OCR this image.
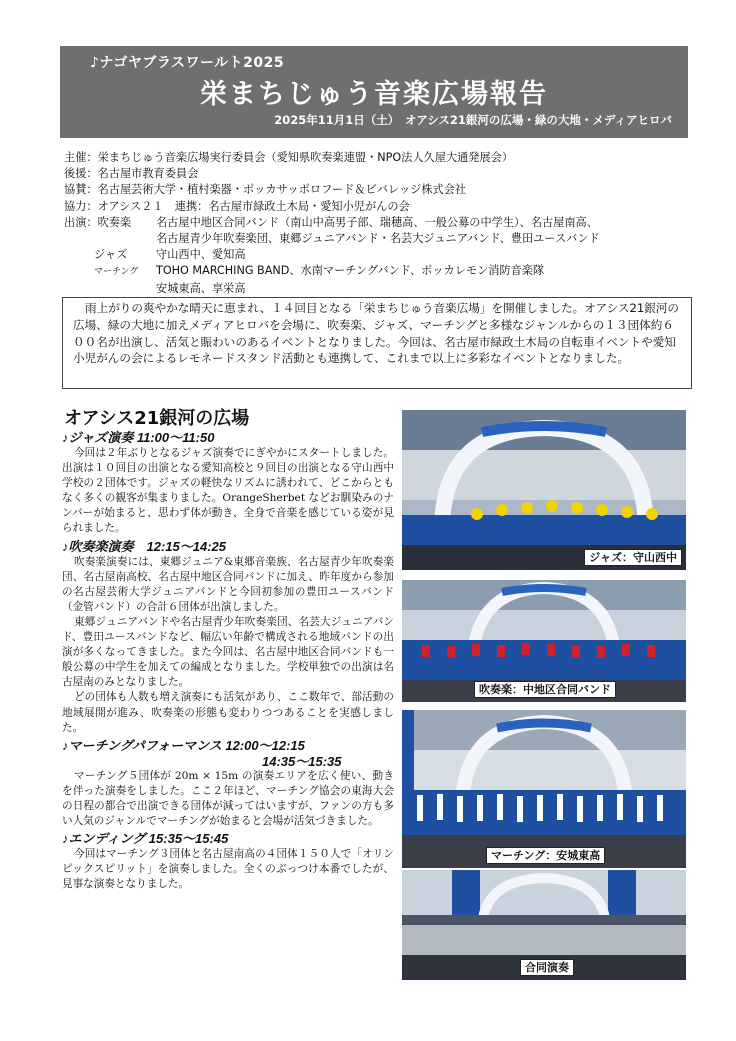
♪ナゴヤブラスワールト2025
栄まちじゅう音楽広場報告
2025年11月1日（土）　オアシス21銀河の広場・緑の大地・メディアヒロバ
主催：栄まちじゅう音楽広場実行委員会（愛知県吹奏楽連盟・NPO法人久屋大通発展会）
後援：名古屋市教育委員会
協賛：名古屋芸術大学・植村楽器・ポッカサッポロフード＆ビバレッジ株式会社
協力：オアシス２１　連携：名古屋市緑政土木局・愛知小児がんの会
出演：吹奏楽 名古屋中地区合同バンド（南山中高男子部、瑞穂高、一般公募の中学生）、名古屋南高、
名古屋青少年吹奏楽団、東郷ジュニアバンド・名芸大ジュニアバンド、豊田ユースバンド
ジャズ	守山西中、愛知高
マーチング TOHO MARCHING BAND、水南マーチングバンド、ポッカレモン消防音楽隊
安城東高、享栄高
雨上がりの爽やかな晴天に恵まれ、１４回目となる「栄まちじゅう音楽広場」を開催しました。オアシス21銀河の広場、緑の大地に加えメディアヒロバを会場に、吹奏楽、ジャズ、マーチングと多様なジャンルからの１３団体約６００名が出演し、活気と賑わいのあるイベントとなりました。今回は、名古屋市緑政土木局の自転車イベントや愛知小児がんの会によるレモネードスタンド活動とも連携して、これまで以上に多彩なイベントとなりました。
オアシス21銀河の広場
♪ジャズ演奏 11:00〜11:50

今回は２年ぶりとなるジャズ演奏でにぎやかにスタートしました。出演は１０回目の出演となる愛知高校と９回目の出演となる守山西中学校の２団体です。ジャズの軽快なリズムに誘われて、どこからともなく多くの観客が集まりました。OrangeSherbet などお馴染みのナンバーが始まると、思わず体が動き、全身で音楽を感じている姿が見られました。

♪吹奏楽演奏　12:15〜14:25

吹奏楽演奏には、東郷ジュニア&東郷音楽族、名古屋青少年吹奏楽団、名古屋南高校、名古屋中地区合同バンドに加え、昨年度から参加の名古屋芸術大学ジュニアバンドと今回初参加の豊田ユースバンド（金管バンド）の合計６団体が出演しました。

東郷ジュニアバンドや名古屋青少年吹奏楽団、名芸大ジュニアバンド、豊田ユースバンドなど、幅広い年齢で構成される地域バンドの出演が多くなってきました。また今回は、名古屋中地区合同バンドも一般公募の中学生を加えての編成となりました。学校単独での出演は名古屋南のみとなりました。

どの団体も人数も増え演奏にも活気があり、ここ数年で、部活動の地域展開が進み、吹奏楽の形態も変わりつつあることを実感しました。

♪マーチングパフォーマンス 12:00〜12:15
14:35〜15:35

マーチング５団体が 20m × 15m の演奏エリアを広く使い、動きを伴った演奏をしました。ここ２年ほど、マーチング協会の東海大会の日程の都合で出演できる団体が減ってはいますが、ファンの方も多い人気のジャンルでマーチングが始まると会場が活気づきました。

♪エンディング 15:35〜15:45

今回はマーチング３団体と名古屋南高の４団体１５０人で「オリンピックスピリット」を演奏しました。全くのぶっつけ本番でしたが、見事な演奏となりました。

ジャズ：守山西中
吹奏楽：中地区合同バンド
マーチング：安城東高
合同演奏
